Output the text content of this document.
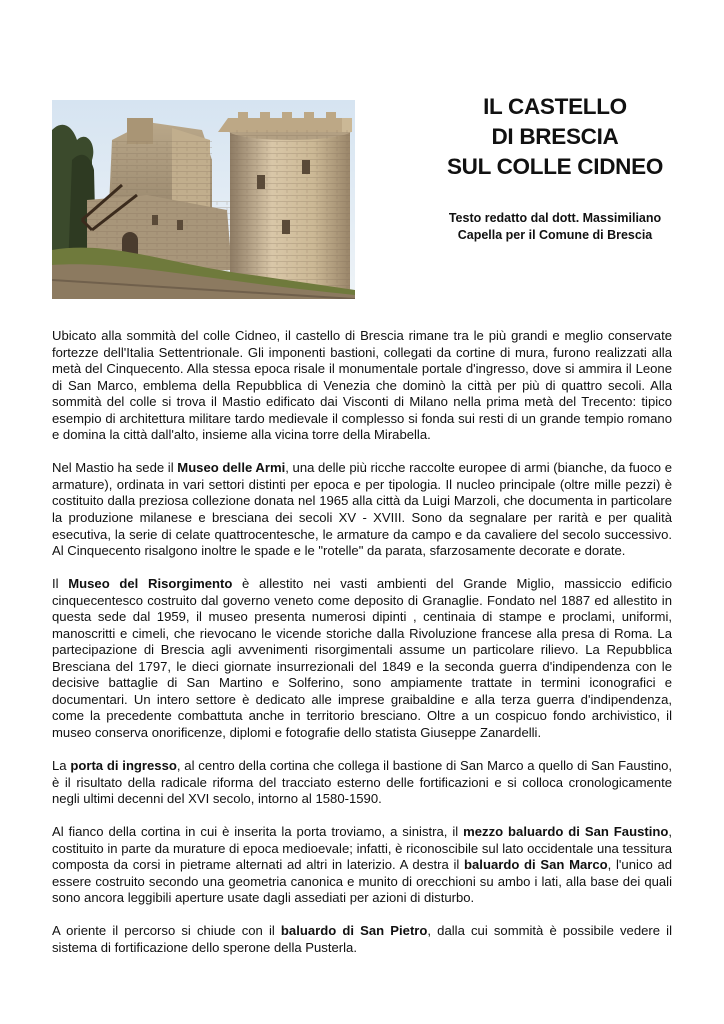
IL CASTELLO
DI BRESCIA
SUL COLLE CIDNEO

Testo redatto dal dott. Massimiliano
Capella per il Comune di Brescia

Ubicato alla sommità del colle Cidneo, il castello di Brescia rimane tra le più grandi e meglio conservate fortezze dell'Italia Settentrionale. Gli imponenti bastioni, collegati da cortine di mura, furono realizzati alla metà del Cinquecento. Alla stessa epoca risale il monumentale portale d'ingresso, dove si ammira il Leone di San Marco, emblema della Repubblica di Venezia che dominò la città per più di quattro secoli. Alla sommità del colle si trova il Mastio edificato dai Visconti di Milano nella prima metà del Trecento: tipico esempio di architettura militare tardo medievale il complesso si fonda sui resti di un grande tempio romano e domina la città dall'alto, insieme alla vicina torre della Mirabella.

Nel Mastio ha sede il Museo delle Armi, una delle più ricche raccolte europee di armi (bianche, da fuoco e armature), ordinata in vari settori distinti per epoca e per tipologia. Il nucleo principale (oltre mille pezzi) è costituito dalla preziosa collezione donata nel 1965 alla città da Luigi Marzoli, che documenta in particolare la produzione milanese e bresciana dei secoli XV - XVIII. Sono da segnalare per rarità e per qualità esecutiva, la serie di celate quattrocentesche, le armature da campo e da cavaliere del secolo successivo. Al Cinquecento risalgono inoltre le spade e le "rotelle" da parata, sfarzosamente decorate e dorate.

Il Museo del Risorgimento è allestito nei vasti ambienti del Grande Miglio, massiccio edificio cinquecentesco costruito dal governo veneto come deposito di Granaglie. Fondato nel 1887 ed allestito in questa sede dal 1959, il museo presenta numerosi dipinti , centinaia di stampe e proclami, uniformi, manoscritti e cimeli, che rievocano le vicende storiche dalla Rivoluzione francese alla presa di Roma. La partecipazione di Brescia agli avvenimenti risorgimentali assume un particolare rilievo. La Repubblica Bresciana del 1797, le dieci giornate insurrezionali del 1849 e la seconda guerra d'indipendenza con le decisive battaglie di San Martino e Solferino, sono ampiamente trattate in termini iconografici e documentari. Un intero settore è dedicato alle imprese graibaldine e alla terza guerra d'indipendenza, come la precedente combattuta anche in territorio bresciano. Oltre a un cospicuo fondo archivistico, il museo conserva onorificenze, diplomi e fotografie dello statista Giuseppe Zanardelli.

La porta di ingresso, al centro della cortina che collega il bastione di San Marco a quello di San Faustino, è il risultato della radicale riforma del tracciato esterno delle fortificazioni e si colloca cronologicamente negli ultimi decenni del XVI secolo, intorno al 1580-1590.

Al fianco della cortina in cui è inserita la porta troviamo, a sinistra, il mezzo baluardo di San Faustino, costituito in parte da murature di epoca medioevale; infatti, è riconoscibile sul lato occidentale una tessitura composta da corsi in pietrame alternati ad altri in laterizio. A destra il baluardo di San Marco, l'unico ad essere costruito secondo una geometria canonica e munito di orecchioni su ambo i lati, alla base dei quali sono ancora leggibili aperture usate dagli assediati per azioni di disturbo.

A oriente il percorso si chiude con il baluardo di San Pietro, dalla cui sommità è possibile vedere il sistema di fortificazione dello sperone della Pusterla.
